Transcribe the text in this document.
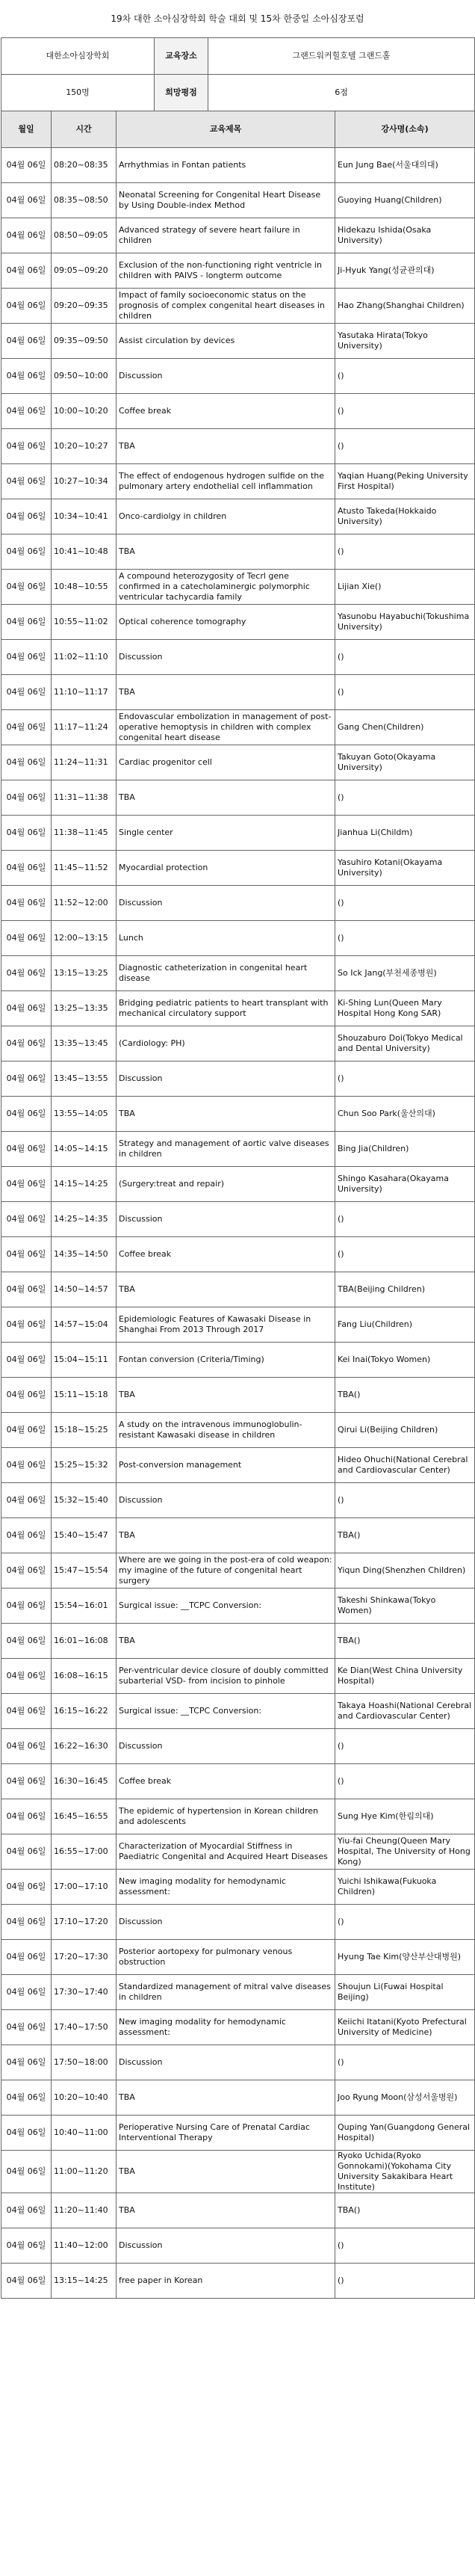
19차 대한 소아심장학회 학술 대회 및 15차 한중일 소아심장포럼
대한소아심장학회	교육장소	그랜드워커힐호텔 그랜드홀
150명	희망평점	6점
월일	시간	교육제목	강사명(소속)
04월 06일	08:20~08:35	Arrhythmias in Fontan patients	Eun Jung Bae(서울대의대)
04월 06일	08:35~08:50	Neonatal Screening for Congenital Heart Disease by Using Double-index Method	Guoying Huang(Children)
04월 06일	08:50~09:05	Advanced strategy of severe heart failure in children	Hidekazu Ishida(Osaka University)
04월 06일	09:05~09:20	Exclusion of the non-functioning right ventricle in children with PAIVS - longterm outcome	Ji-Hyuk Yang(성균관의대)
04월 06일	09:20~09:35	Impact of family socioeconomic status on the prognosis of complex congenital heart diseases in children	Hao Zhang(Shanghai Children)
04월 06일	09:35~09:50	Assist circulation by devices	Yasutaka Hirata(Tokyo University)
04월 06일	09:50~10:00	Discussion	()
04월 06일	10:00~10:20	Coffee break	()
04월 06일	10:20~10:27	TBA	()
04월 06일	10:27~10:34	The effect of endogenous hydrogen sulfide on the pulmonary artery endothelial cell inflammation	Yaqian Huang(Peking University First Hospital)
04월 06일	10:34~10:41	Onco-cardiolgy in children	Atusto Takeda(Hokkaido University)
04월 06일	10:41~10:48	TBA	()
04월 06일	10:48~10:55	A compound heterozygosity of Tecrl gene confirmed in a catecholaminergic polymorphic ventricular tachycardia family	Lijian Xie()
04월 06일	10:55~11:02	Optical coherence tomography	Yasunobu Hayabuchi(Tokushima University)
04월 06일	11:02~11:10	Discussion	()
04월 06일	11:10~11:17	TBA	()
04월 06일	11:17~11:24	Endovascular embolization in management of post-operative hemoptysis in children with complex congenital heart disease	Gang Chen(Children)
04월 06일	11:24~11:31	Cardiac progenitor cell	Takuyan Goto(Okayama University)
04월 06일	11:31~11:38	TBA	()
04월 06일	11:38~11:45	Single center	Jianhua Li(Childm)
04월 06일	11:45~11:52	Myocardial protection	Yasuhiro Kotani(Okayama University)
04월 06일	11:52~12:00	Discussion	()
04월 06일	12:00~13:15	Lunch	()
04월 06일	13:15~13:25	Diagnostic catheterization in congenital heart disease	So Ick Jang(부천세종병원)
04월 06일	13:25~13:35	Bridging pediatric patients to heart transplant with mechanical circulatory support	Ki-Shing Lun(Queen Mary Hospital Hong Kong SAR)
04월 06일	13:35~13:45	(Cardiology: PH)	Shouzaburo Doi(Tokyo Medical and Dental University)
04월 06일	13:45~13:55	Discussion	()
04월 06일	13:55~14:05	TBA	Chun Soo Park(울산의대)
04월 06일	14:05~14:15	Strategy and management of aortic valve diseases in children	Bing Jia(Children)
04월 06일	14:15~14:25	(Surgery:treat and repair)	Shingo Kasahara(Okayama University)
04월 06일	14:25~14:35	Discussion	()
04월 06일	14:35~14:50	Coffee break	()
04월 06일	14:50~14:57	TBA	TBA(Beijing Children)
04월 06일	14:57~15:04	Epidemiologic Features of Kawasaki Disease in Shanghai From 2013 Through 2017	Fang Liu(Children)
04월 06일	15:04~15:11	Fontan conversion (Criteria/Timing)	Kei Inai(Tokyo Women)
04월 06일	15:11~15:18	TBA	TBA()
04월 06일	15:18~15:25	A study on the intravenous immunoglobulin-resistant Kawasaki disease in children	Qirui Li(Beijing Children)
04월 06일	15:25~15:32	Post-conversion management	Hideo Ohuchi(National Cerebral and Cardiovascular Center)
04월 06일	15:32~15:40	Discussion	()
04월 06일	15:40~15:47	TBA	TBA()
04월 06일	15:47~15:54	Where are we going in the post-era of cold weapon: my imagine of the future of congenital heart surgery	Yiqun Ding(Shenzhen Children)
04월 06일	15:54~16:01	Surgical issue: __TCPC Conversion:	Takeshi Shinkawa(Tokyo Women)
04월 06일	16:01~16:08	TBA	TBA()
04월 06일	16:08~16:15	Per-ventricular device closure of doubly committed subarterial VSD- from incision to pinhole	Ke Dian(West China University Hospital)
04월 06일	16:15~16:22	Surgical issue: __TCPC Conversion:	Takaya Hoashi(National Cerebral and Cardiovascular Center)
04월 06일	16:22~16:30	Discussion	()
04월 06일	16:30~16:45	Coffee break	()
04월 06일	16:45~16:55	The epidemic of hypertension in Korean children and adolescents	Sung Hye Kim(한림의대)
04월 06일	16:55~17:00	Characterization of Myocardial Stiffness in Paediatric Congenital and Acquired Heart Diseases	Yiu-fai Cheung(Queen Mary Hospital, The University of Hong Kong)
04월 06일	17:00~17:10	New imaging modality for hemodynamic assessment:	Yuichi Ishikawa(Fukuoka Children)
04월 06일	17:10~17:20	Discussion	()
04월 06일	17:20~17:30	Posterior aortopexy for pulmonary venous obstruction	Hyung Tae Kim(양산부산대병원)
04월 06일	17:30~17:40	Standardized management of mitral valve diseases in children	Shoujun Li(Fuwai Hospital Beijing)
04월 06일	17:40~17:50	New imaging modality for hemodynamic assessment:	Keiichi Itatani(Kyoto Prefectural University of Medicine)
04월 06일	17:50~18:00	Discussion	()
04월 06일	10:20~10:40	TBA	Joo Ryung Moon(삼성서울병원)
04월 06일	10:40~11:00	Perioperative Nursing Care of Prenatal Cardiac Interventional Therapy	Quping Yan(Guangdong General Hospital)
04월 06일	11:00~11:20	TBA	Ryoko Uchida(Ryoko Gonnokami)(Yokohama City University Sakakibara Heart Institute)
04월 06일	11:20~11:40	TBA	TBA()
04월 06일	11:40~12:00	Discussion	()
04월 06일	13:15~14:25	free paper in Korean	()
